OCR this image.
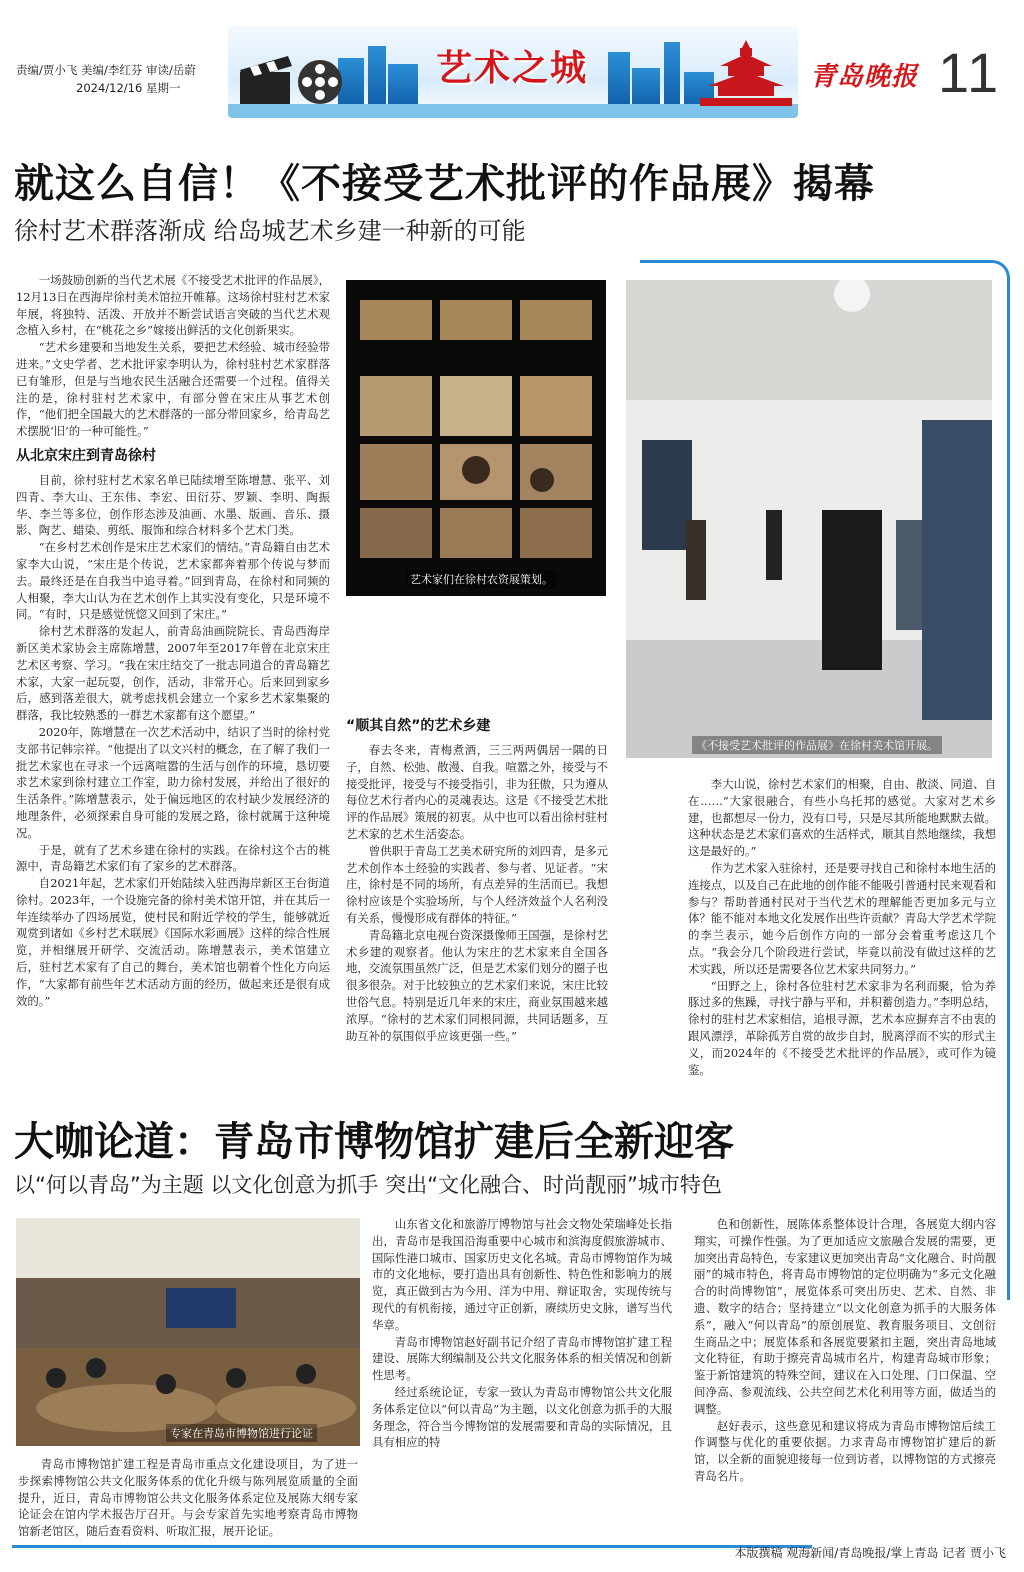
责编/贾小飞 美编/李红芬 审读/岳蔚
2024/12/16 星期一	艺术之城	青岛晚报 11
就这么自信！《不接受艺术批评的作品展》揭幕
徐村艺术群落渐成 给岛城艺术乡建一种新的可能

一场鼓励创新的当代艺术展《不接受艺术批评的作品展》，12月13日在西海岸徐村美术馆拉开帷幕。这场徐村驻村艺术家年展，将独特、活泼、开放并不断尝试语言突破的当代艺术观念植入乡村，在“桃花之乡”嫁接出鲜活的文化创新果实。

“艺术乡建要和当地发生关系，要把艺术经验、城市经验带进来。”文史学者、艺术批评家李明认为，徐村驻村艺术家群落已有雏形，但是与当地农民生活融合还需要一个过程。值得关注的是，徐村驻村艺术家中，有部分曾在宋庄从事艺术创作，“他们把全国最大的艺术群落的一部分带回家乡，给青岛艺术摆脱‘旧’的一种可能性。”

从北京宋庄到青岛徐村

目前，徐村驻村艺术家名单已陆续增至陈增慧、张平、刘四青、李大山、王东伟、李宏、田衍芬、罗颖、李明、陶振华、李兰等多位，创作形态涉及油画、水墨、版画、音乐、摄影、陶艺、蜡染、剪纸、服饰和综合材料多个艺术门类。

“在乡村艺术创作是宋庄艺术家们的情结。”青岛籍自由艺术家李大山说，“宋庄是个传说，艺术家都奔着那个传说与梦而去。最终还是在自我当中追寻着。”回到青岛，在徐村和同频的人相聚，李大山认为在艺术创作上其实没有变化，只是环境不同。“有时，只是感觉恍惚又回到了宋庄。”

徐村艺术群落的发起人，前青岛油画院院长、青岛西海岸新区美术家协会主席陈增慧，2007年至2017年曾在北京宋庄艺术区考察、学习。“我在宋庄结交了一批志同道合的青岛籍艺术家，大家一起玩耍，创作，活动，非常开心。后来回到家乡后，感到落差很大，就考虑找机会建立一个家乡艺术家集聚的群落，我比较熟悉的一群艺术家都有这个愿望。”

2020年，陈增慧在一次艺术活动中，结识了当时的徐村党支部书记韩宗祥。“他提出了以文兴村的概念，在了解了我们一批艺术家也在寻求一个远离喧嚣的生活与创作的环境，恳切要求艺术家到徐村建立工作室，助力徐村发展，并给出了很好的生活条件。”陈增慧表示，处于偏远地区的农村缺少发展经济的地理条件，必须探索自身可能的发展之路，徐村就属于这种境况。

于是，就有了艺术乡建在徐村的实践。在徐村这个古的桃源中，青岛籍艺术家们有了家乡的艺术群落。

自2021年起，艺术家们开始陆续入驻西海岸新区王台街道徐村。2023年，一个设施完备的徐村美术馆开馆，并在其后一年连续举办了四场展览，使村民和附近学校的学生，能够就近观赏到诸如《乡村艺术联展》《国际水彩画展》这样的综合性展览，并相继展开研学、交流活动。陈增慧表示，美术馆建立后，驻村艺术家有了自己的舞台，美术馆也朝着个性化方向运作，“大家都有前些年艺术活动方面的经历，做起来还是很有成效的。”

艺术家们在徐村农资展策划。

“顺其自然”的艺术乡建

春去冬来，青梅煮酒，三三两两偶居一隅的日子，自然、松弛、散漫、自我。喧嚣之外，接受与不接受批评，接受与不接受指引，非为狂傲，只为遵从每位艺术行者内心的灵魂表达。这是《不接受艺术批评的作品展》策展的初衷。从中也可以看出徐村驻村艺术家的艺术生活姿态。

曾供职于青岛工艺美术研究所的刘四青，是多元艺术创作本土经验的实践者、参与者、见证者。“宋庄，徐村是不同的场所，有点差异的生活而已。我想徐村应该是个实验场所，与个人经济效益个人名利没有关系，慢慢形成有群体的特征。”

青岛籍北京电视台资深摄像师王国强，是徐村艺术乡建的观察者。他认为宋庄的艺术家来自全国各地，交流氛围虽然广泛，但是艺术家们划分的圈子也很多很杂。对于比较独立的艺术家们来说，宋庄比较世俗气息。特别是近几年来的宋庄，商业氛围越来越浓厚。“徐村的艺术家们同根同源，共同话题多，互助互补的氛围似乎应该更强一些。”

《不接受艺术批评的作品展》在徐村美术馆开展。

李大山说，徐村艺术家们的相聚，自由、散淡、同道、自在……“大家很融合，有些小乌托邦的感觉。大家对艺术乡建，也都想尽一份力，没有口号，只是尽其所能地默默去做。这种状态是艺术家们喜欢的生活样式，顺其自然地继续，我想这是最好的。”

作为艺术家入驻徐村，还是要寻找自己和徐村本地生活的连接点，以及自己在此地的创作能不能吸引普通村民来观看和参与？帮助普通村民对于当代艺术的理解能否更加多元与立体？能不能对本地文化发展作出些许贡献？青岛大学艺术学院的李兰表示，她今后创作方向的一部分会着重考虑这几个点。“我会分几个阶段进行尝试，毕竟以前没有做过这样的艺术实践，所以还是需要各位艺术家共同努力。”

“田野之上，徐村各位驻村艺术家非为名利而聚，恰为养豚过多的焦躁，寻找宁静与平和，并积蓄创造力。”李明总结，徐村的驻村艺术家相信，追根寻源，艺术本应摒弃言不由衷的跟风漂浮，革除孤芳自赏的故步自封，脱离浮而不实的形式主义，而2024年的《不接受艺术批评的作品展》，或可作为镜鉴。

大咖论道：青岛市博物馆扩建后全新迎客
以“何以青岛”为主题 以文化创意为抓手 突出“文化融合、时尚靓丽”城市特色
专家在青岛市博物馆进行论证

青岛市博物馆扩建工程是青岛市重点文化建设项目，为了进一步探索博物馆公共文化服务体系的优化升级与陈列展览质量的全面提升，近日，青岛市博物馆公共文化服务体系定位及展陈大纲专家论证会在馆内学术报告厅召开。与会专家首先实地考察青岛市博物馆新老馆区，随后查看资料、听取汇报，展开论证。

山东省文化和旅游厅博物馆与社会文物处荣瑞峰处长指出，青岛市是我国沿海重要中心城市和滨海度假旅游城市、国际性港口城市、国家历史文化名城。青岛市博物馆作为城市的文化地标，要打造出具有创新性、特色性和影响力的展览，真正做到古为今用、洋为中用、辩证取舍，实现传统与现代的有机衔接，通过守正创新，赓续历史文脉，谱写当代华章。

青岛市博物馆赵好副书记介绍了青岛市博物馆扩建工程建设、展陈大纲编制及公共文化服务体系的相关情况和创新性思考。

经过系统论证，专家一致认为青岛市博物馆公共文化服务体系定位以“何以青岛”为主题，以文化创意为抓手的大服务理念，符合当今博物馆的发展需要和青岛的实际情况，且具有相应的特

色和创新性，展陈体系整体设计合理，各展览大纲内容翔实，可操作性强。为了更加适应文旅融合发展的需要，更加突出青岛特色，专家建议更加突出青岛“文化融合、时尚靓丽”的城市特色，将青岛市博物馆的定位明确为“多元文化融合的时尚博物馆”，展览体系可突出历史、艺术、自然、非遗、数字的结合；坚持建立“以文化创意为抓手的大服务体系”，融入“何以青岛”的原创展览、教育服务项目、文创衍生商品之中；展览体系和各展览要紧扣主题，突出青岛地域文化特征，有助于擦亮青岛城市名片，构建青岛城市形象；鉴于新馆建筑的特殊空间，建议在入口处理、门口保温、空间净高、参观流线、公共空间艺术化利用等方面，做适当的调整。

赵好表示，这些意见和建议将成为青岛市博物馆后续工作调整与优化的重要依据。力求青岛市博物馆扩建后的新馆，以全新的面貌迎接每一位到访者，以博物馆的方式擦亮青岛名片。

本版撰稿 观海新闻/青岛晚报/掌上青岛 记者 贾小飞
